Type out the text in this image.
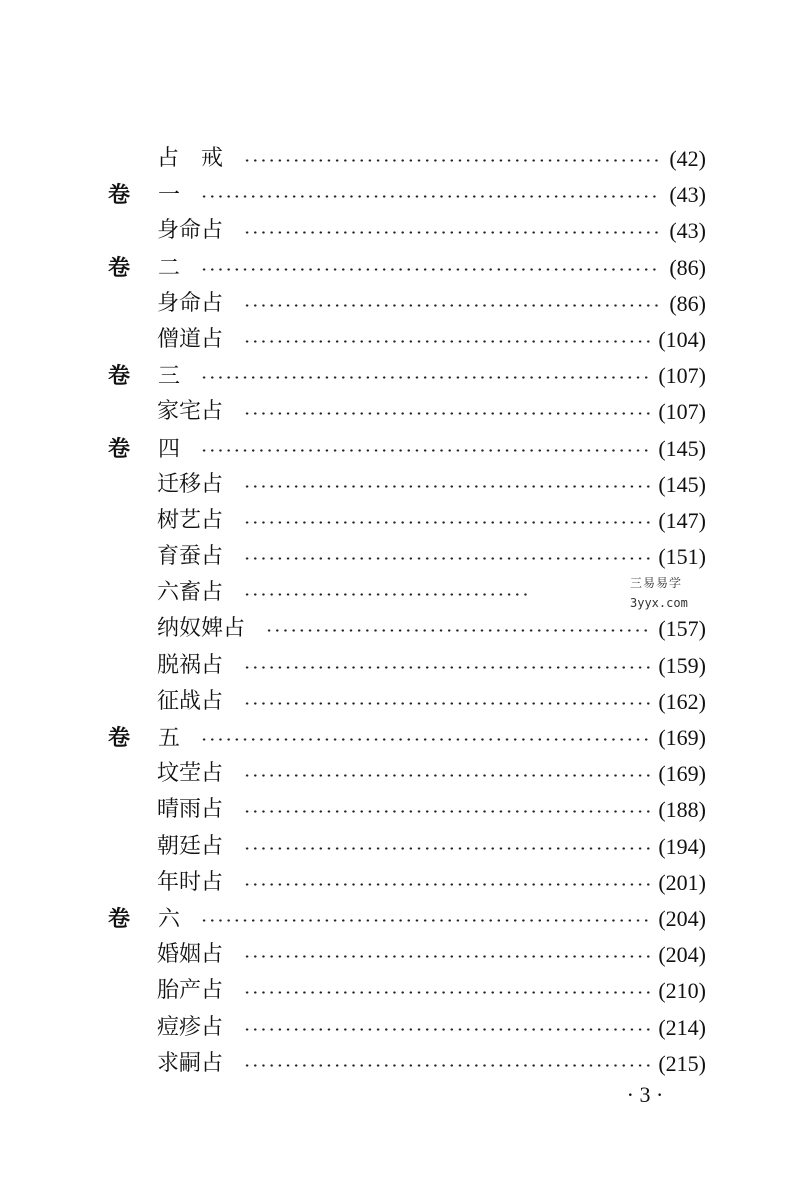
占　戒	(42)
卷 一	(43)
身命占	(43)
卷 二	(86)
身命占	(86)
僧道占	(104)
卷 三	(107)
家宅占	(107)
卷 四	(145)
迁移占	(145)
树艺占	(147)
育蚕占	(151)
六畜占
纳奴婢占	(157)
脱祸占	(159)
征战占	(162)
卷 五	(169)
坟茔占	(169)
晴雨占	(188)
朝廷占	(194)
年时占	(201)
卷 六	(204)
婚姻占	(204)
胎产占	(210)
痘疹占	(214)
求嗣占	(215)
三易易学
3yyx.com
· 3 ·
